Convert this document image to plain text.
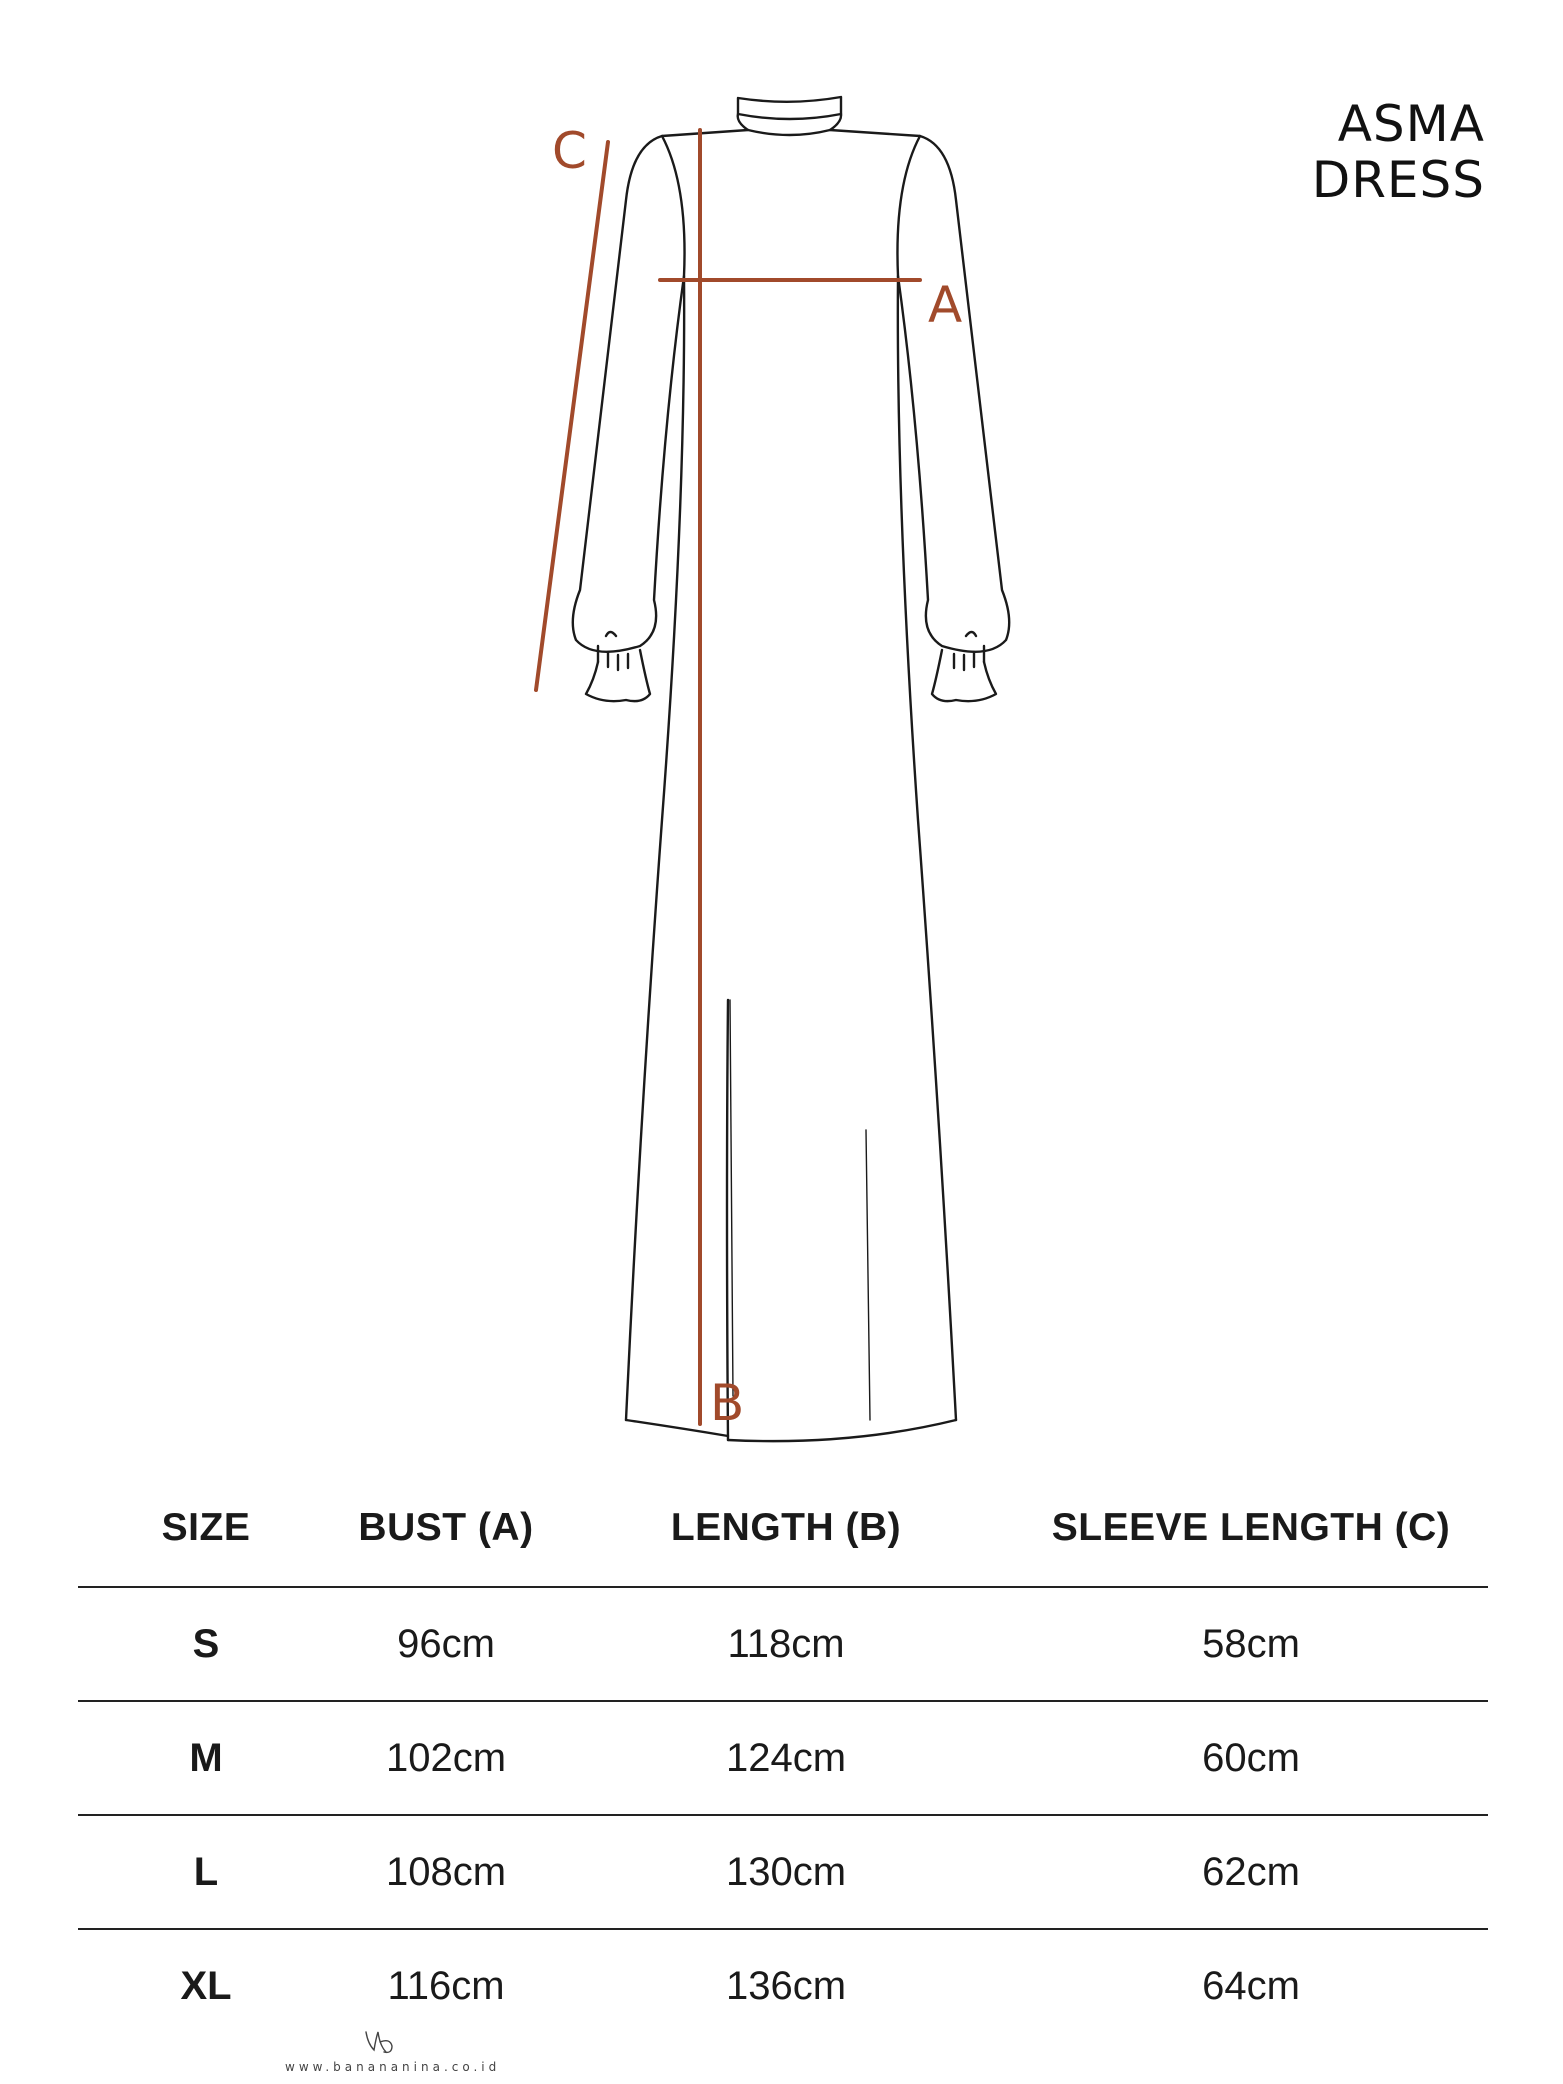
A
B
C	ASMA
DRESS
SIZE	BUST (A)	LENGTH (B)	SLEEVE LENGTH (C)
S	96cm	118cm	58cm
M	102cm	124cm	60cm
L	108cm	130cm	62cm
XL	116cm	136cm	64cm
www.banananina.co.id
